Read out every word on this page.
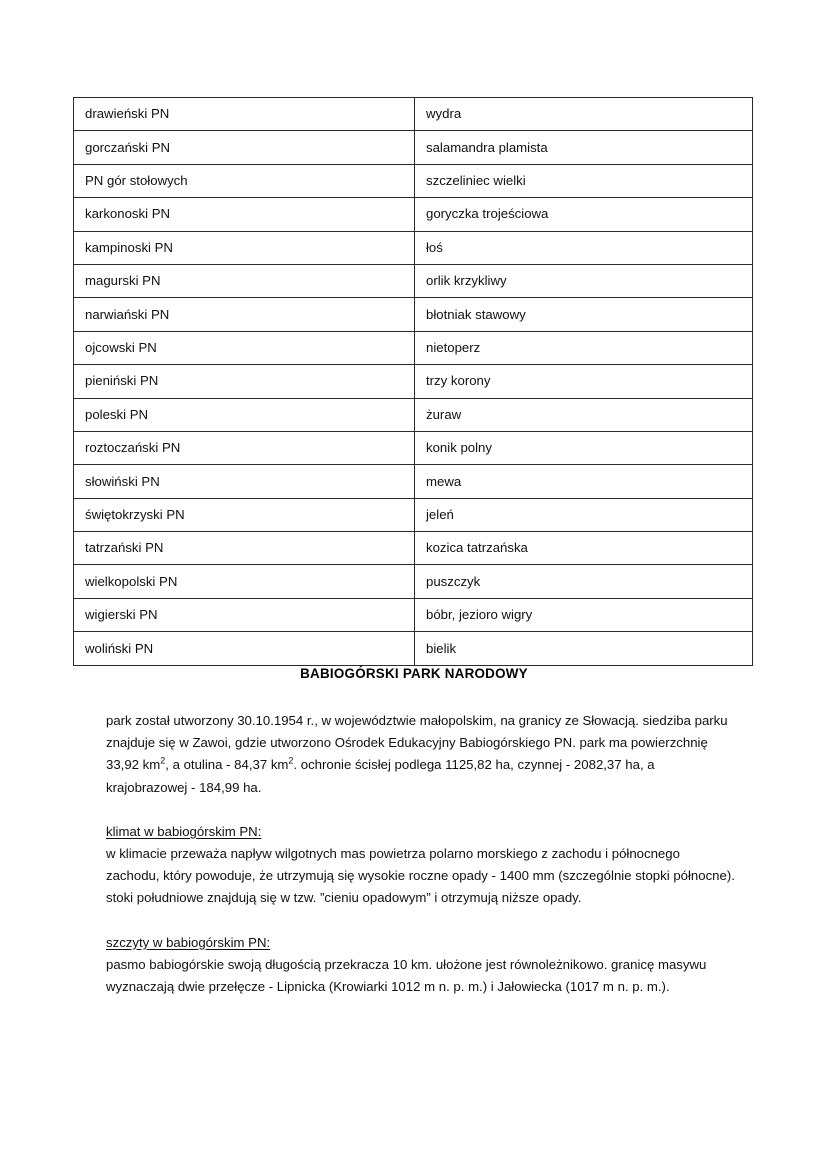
drawieński PN	wydra
gorczański PN	salamandra plamista
PN gór stołowych	szczeliniec wielki
karkonoski PN	goryczka trojeściowa
kampinoski PN	łoś
magurski PN	orlik krzykliwy
narwiański PN	błotniak stawowy
ojcowski PN	nietoperz
pieniński PN	trzy korony
poleski PN	żuraw
roztoczański PN	konik polny
słowiński PN	mewa
świętokrzyski PN	jeleń
tatrzański PN	kozica tatrzańska
wielkopolski PN	puszczyk
wigierski PN	bóbr, jezioro wigry
woliński PN	bielik
BABIOGÓRSKI PARK NARODOWY

park został utworzony 30.10.1954 r., w województwie małopolskim, na granicy ze Słowacją. siedziba parku znajduje się w Zawoi, gdzie utworzono Ośrodek Edukacyjny Babiogórskiego PN. park ma powierzchnię 33,92 $km^2$, a otulina - 84,37 $km^2$. ochronie ścisłej podlega 1125,82 ha, czynnej - 2082,37 ha, a krajobrazowej - 184,99 ha.

klimat w babiogórskim PN:

w klimacie przeważa napływ wilgotnych mas powietrza polarno morskiego z zachodu i północnego zachodu, który powoduje, że utrzymują się wysokie roczne opady - 1400 mm (szczególnie stopki północne). stoki południowe znajdują się w tzw. ”cieniu opadowym” i otrzymują niższe opady.

szczyty w babiogórskim PN:

pasmo babiogórskie swoją długością przekracza 10 km. ułożone jest równoleżnikowo. granicę masywu wyznaczają dwie przełęcze - Lipnicka (Krowiarki 1012 m n. p. m.) i Jałowiecka (1017 m n. p. m.).
